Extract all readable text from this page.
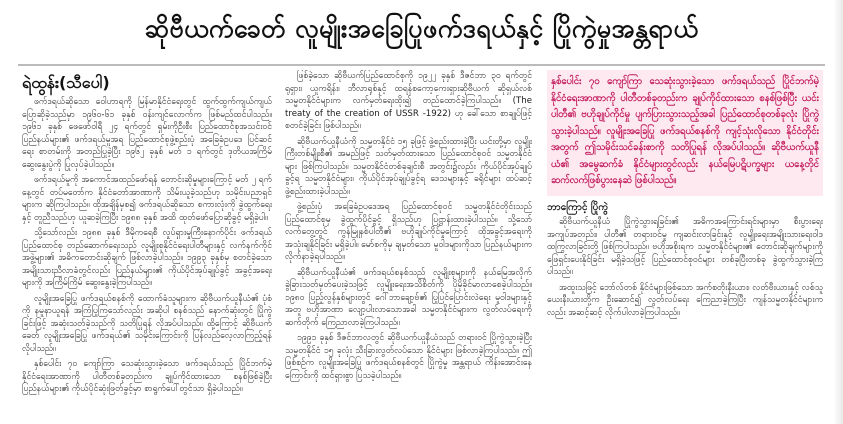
ဆိုဗီယက်ခေတ် လူမျိုးအခြေပြုဖက်ဒရယ်နှင့် ပြိုကွဲမှုအန္တရာယ်
ရဲထွန်း(သီပေါ)

ဖက်ဒရယ်ဆိုသော ဝေါဟာရကို မြန်မာနိုင်ငံရေးတွင် ထွက်ထွက်ကျယ်ကျယ် ပြောဆိုခဲ့သည်မှာ ၁၉၆၀-၆၁ ခုနှစ် ဝန်းကျင်လောက်က ဖြစ်မည်ထင်ပါသည်။ ၁၉၆၁ ခုနှစ် ဖေဖော်ဝါရီ ၂၄ ရက်တွင် ရှမ်းကိုဦးစီး ပြည်ထောင်စုအသင်းဝင် ပြည်နယ်များ၏ ဖက်ဒရယ်မူအရ ပြည်ထောင်စုဖွဲ့စည်းပုံ အခြေခံဥပဒေ ပြင်ဆင်ရေး စာတမ်းကို အတည်ပြုခဲ့ပြီး ၁၉၆၂ ခုနှစ် မတ် ၁ ရက်တွင် ဒုတိယအကြိမ်ဆွေးနွေးပွဲကို ပြုလုပ်ခဲ့ပါသည်။

ဖက်ဒရယ်မူကို အကောင်အထည်ဖော်ရန် တောင်းဆိုမှုများကြောင့် မတ် ၂ ရက်နေ့တွင် တပ်မတော်က နိုင်ငံတော်အာဏာကို သိမ်းယူခဲ့သည်ဟု သမိုင်းပညာရှင်များက ဆိုကြပါသည်။ ထိုအချိန်မှစ၍ ဖက်ဒရယ်ဆိုသော စကားလုံးကို ခွဲထွက်ရေးနှင့် တူညီသည်ဟု ယူဆခဲ့ကြပြီး ၁၉၈၈ ခုနှစ် အထိ ထုတ်ဖော်ပြောဆိုခွင့် မရှိခဲ့ပါ။

သို့သော်လည်း ၁၉၈၈ ခုနှစ် ဒီမိုကရေစီ လှုပ်ရှားမှုကြီးနောက်ပိုင်း ဖက်ဒရယ် ပြည်ထောင်စု တည်ဆောက်ရေးသည် လူမျိုးစုနိုင်ငံရေးပါတီများနှင့် လက်နက်ကိုင်အဖွဲ့များ၏ အဓိကတောင်းဆိုချက် ဖြစ်လာခဲ့ပါသည်။ ၁၉၉၃ ခုနှစ်မှ စတင်ခဲ့သော အမျိုးသားညီလာခံတွင်လည်း ပြည်နယ်များ၏ ကိုယ်ပိုင်အုပ်ချုပ်ခွင့် အခွင့်အရေးများကို အကြိမ်ကြိမ် ဆွေးနွေးခဲ့ကြပါသည်။

လူမျိုးအခြေပြု ဖက်ဒရယ်စနစ်ကို ထောက်ခံသူများက ဆိုဗီယက်ယူနီယံ၏ ပုံစံကို နမူနာယူရန် အကြံပြုကြသော်လည်း အဆိုပါ စနစ်သည် နောက်ဆုံးတွင် ပြိုကွဲခြင်းဖြင့် အဆုံးသတ်ခဲ့သည်ကို သတိပြုရန် လိုအပ်ပါသည်။ ထို့ကြောင့် ဆိုဗီယက်ခေတ် လူမျိုးအခြေပြု ဖက်ဒရယ်၏ သမိုင်းကြောင်းကို ပြန်လည်လေ့လာကြည့်ရန် လိုပါသည်။

နှစ်ပေါင်း ၇၀ ကျော်ကြာ သေဆုံးသွားခဲ့သော ဖက်ဒရယ်သည် ပြိုင်ဘက်မဲ့ နိုင်ငံရေးအာဏာကို ပါတီတစ်ခုတည်းက ချုပ်ကိုင်ထားသော စနစ်ဖြစ်ခဲ့ပြီး ပြည်နယ်များ၏ ကိုယ်ပိုင်ဆုံးဖြတ်ခွင့်မှာ စာရွက်ပေါ်တွင်သာ ရှိခဲ့ပါသည်။

ဖြစ်ခဲ့သော ဆိုဗီယက်ပြည်ထောင်စုကို ၁၉၂၂ ခုနှစ် ဒီဇင်ဘာ ၃၀ ရက်တွင် ရုရှား၊ ယူကရိန်း၊ ဘီလာရုစ်နှင့် ထရန်စကော့ကေးရှားဆိုဗီယက် ဆိုရှယ်လစ် သမ္မတနိုင်ငံများက လက်မှတ်ရေးထိုး၍ တည်ထောင်ခဲ့ကြပါသည်။ (The treaty of the creation of USSR -1922) ဟု ခေါ်သော စာချုပ်ဖြင့် စတင်ခဲ့ခြင်း ဖြစ်ပါသည်။

ဆိုဗီယက်ယူနီယံကို သမ္မတနိုင်ငံ ၁၅ ခုဖြင့် ဖွဲ့စည်းထားခဲ့ပြီး ယင်းတို့မှာ လူမျိုးကြီးတစ်မျိုးစီ၏ အမည်ဖြင့် သတ်မှတ်ထားသော ပြည်ထောင်စုဝင် သမ္မတနိုင်ငံများ ဖြစ်ကြပါသည်။ သမ္မတနိုင်ငံတစ်ခုချင်းစီ အတွင်း၌လည်း ကိုယ်ပိုင်အုပ်ချုပ်ခွင့်ရ သမ္မတနိုင်ငံများ၊ ကိုယ်ပိုင်အုပ်ချုပ်ခွင့်ရ ဒေသများနှင့် ခရိုင်များ ထပ်ဆင့်ဖွဲ့စည်းထားခဲ့ပါသည်။

ဖွဲ့စည်းပုံ အခြေခံဥပဒေအရ ပြည်ထောင်စုဝင် သမ္မတနိုင်ငံတိုင်းသည် ပြည်ထောင်စုမှ ခွဲထွက်ပိုင်ခွင့် ရှိသည်ဟု ပြဋ္ဌာန်းထားခဲ့ပါသည်။ သို့သော် လက်တွေ့တွင် ကွန်မြူနစ်ပါတီ၏ ဗဟိုချုပ်ကိုင်မှုကြောင့် ထိုအခွင့်အရေးကို အသုံးချနိုင်ခြင်း မရှိခဲ့ပါ။ မော်စကိုမှ ချမှတ်သော မူဝါဒများကိုသာ ပြည်နယ်များက လိုက်နာခဲ့ရပါသည်။

ဆိုဗီယက်ယူနီယံ၏ ဖက်ဒရယ်စနစ်သည် လူမျိုးစုများကို နယ်မြေအလိုက် ခွဲခြားသတ်မှတ်ပေးခဲ့သဖြင့် လူမျိုးရေးအသိစိတ်ကို ပိုမိုခိုင်မာလာစေခဲ့ပါသည်။ ၁၉၈၀ ပြည့်လွန်နှစ်များတွင် ဂေါ်ဘာချော့ဗ်၏ ပြုပြင်ပြောင်းလဲရေး မူဝါဒများနှင့်အတူ ဗဟိုအာဏာ လျော့ပါးလာသောအခါ သမ္မတနိုင်ငံများက လွတ်လပ်ရေးကို ဆက်တိုက် ကြေညာလာခဲ့ကြပါသည်။

၁၉၉၁ ခုနှစ် ဒီဇင်ဘာလတွင် ဆိုဗီယက်ယူနီယံသည် တရားဝင် ပြိုကွဲသွားခဲ့ပြီး သမ္မတနိုင်ငံ ၁၅ ခုလုံး သီးခြားလွတ်လပ်သော နိုင်ငံများ ဖြစ်လာခဲ့ကြပါသည်။ ဤဖြစ်စဉ်က လူမျိုးအခြေပြု ဖက်ဒရယ်စနစ်တွင် ပြိုကွဲမှု အန္တရာယ် ကိန်းအောင်းနေကြောင်းကို ထင်ရှားစွာ ပြသခဲ့ပါသည်။

နှစ်ပေါင်း ၇၀ ကျော်ကြာ သေဆုံးသွားခဲ့သော ဖက်ဒရယ်သည် ပြိုင်ဘက်မဲ့ နိုင်ငံရေးအာဏာကို ပါတီတစ်ခုတည်းက ချုပ်ကိုင်ထားသော စနစ်ဖြစ်ပြီး ယင်းပါတီ၏ ဗဟိုချုပ်ကိုင်မှု ပျက်ပြားသွားသည့်အခါ ပြည်ထောင်စုတစ်ခုလုံး ပြိုကွဲသွားခဲ့ပါသည်။ လူမျိုးအခြေပြု ဖက်ဒရယ်စနစ်ကို ကျင့်သုံးလိုသော နိုင်ငံတိုင်းအတွက် ဤသမိုင်းသင်ခန်းစာကို သတိပြုရန် လိုအပ်ပါသည်။ ဆိုဗီယက်ယူနီယံ၏ အမွေဆက်ခံ နိုင်ငံများတွင်လည်း နယ်မြေပဋိပက္ခများ ယနေ့တိုင် ဆက်လက်ဖြစ်ပွားနေဆဲ ဖြစ်ပါသည်။

ဘာကြောင့် ပြိုကွဲ

ဆိုဗီယက်ယူနီယံ ပြိုကွဲသွားရခြင်း၏ အဓိကအကြောင်းရင်းများမှာ စီးပွားရေးအကျပ်အတည်း၊ ပါတီ၏ တရားဝင်မှု ကျဆင်းလာခြင်းနှင့် လူမျိုးရေးအမျိုးသားရေးဝါဒ ထကြွလာခြင်းတို့ ဖြစ်ကြပါသည်။ ဗဟိုအစိုးရက သမ္မတနိုင်ငံများ၏ တောင်းဆိုချက်များကို ဖြေရှင်းပေးနိုင်ခြင်း မရှိခဲ့သဖြင့် ပြည်ထောင်စုဝင်များ တစ်ခုပြီးတစ်ခု ခွဲထွက်သွားခဲ့ကြပါသည်။

အထူးသဖြင့် ဘော်လ်တစ် နိုင်ငံများဖြစ်သော အက်စတိုးနီးယား၊ လတ်ဗီးယားနှင့် လစ်သူယေးနီးယားတို့က ဦးဆောင်၍ လွတ်လပ်ရေး ကြေညာခဲ့ကြပြီး ကျန်သမ္မတနိုင်ငံများကလည်း အဆင့်ဆင့် လိုက်ပါလာခဲ့ကြပါသည်။
